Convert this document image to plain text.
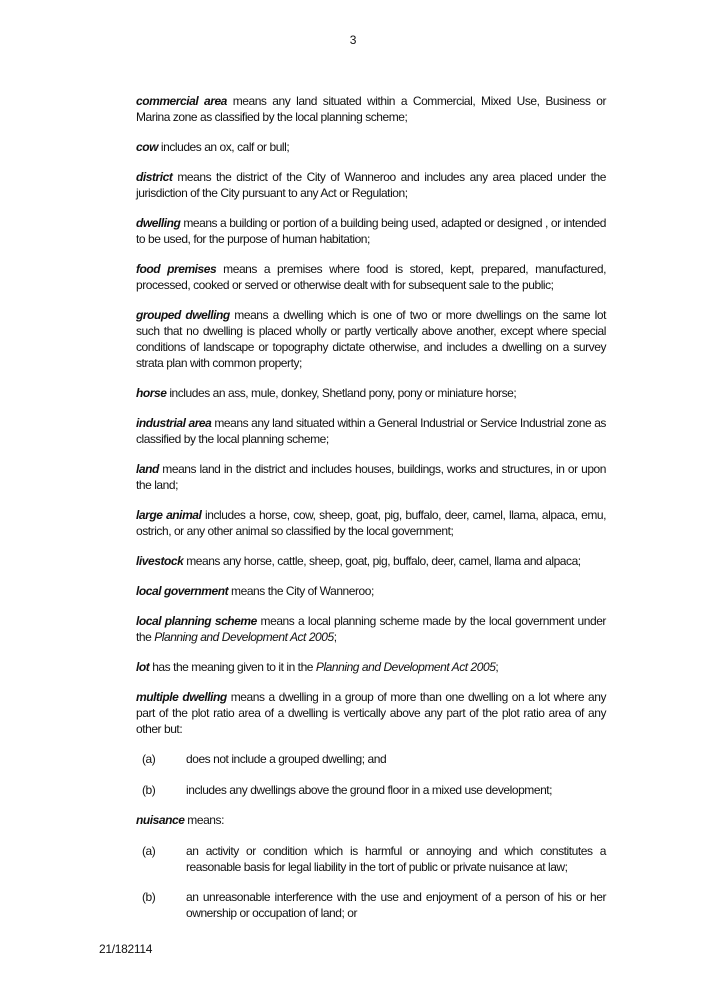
3

commercial area means any land situated within a Commercial, Mixed Use, Business or Marina zone as classified by the local planning scheme;

cow includes an ox, calf or bull;

district means the district of the City of Wanneroo and includes any area placed under the jurisdiction of the City pursuant to any Act or Regulation;

dwelling means a building or portion of a building being used, adapted or designed , or intended to be used, for the purpose of human habitation;

food premises means a premises where food is stored, kept, prepared, manufactured, processed, cooked or served or otherwise dealt with for subsequent sale to the public;

grouped dwelling means a dwelling which is one of two or more dwellings on the same lot such that no dwelling is placed wholly or partly vertically above another, except where special conditions of landscape or topography dictate otherwise, and includes a dwelling on a survey strata plan with common property;

horse includes an ass, mule, donkey, Shetland pony, pony or miniature horse;

industrial area means any land situated within a General Industrial or Service Industrial zone as classified by the local planning scheme;

land means land in the district and includes houses, buildings, works and structures, in or upon the land;

large animal includes a horse, cow, sheep, goat, pig, buffalo, deer, camel, llama, alpaca, emu, ostrich, or any other animal so classified by the local government;

livestock means any horse, cattle, sheep, goat, pig, buffalo, deer, camel, llama and alpaca;

local government means the City of Wanneroo;

local planning scheme means a local planning scheme made by the local government under the Planning and Development Act 2005;

lot has the meaning given to it in the Planning and Development Act 2005;

multiple dwelling means a dwelling in a group of more than one dwelling on a lot where any part of the plot ratio area of a dwelling is vertically above any part of the plot ratio area of any other but:

(a)	does not include a grouped dwelling; and
(b)	includes any dwellings above the ground floor in a mixed use development;

nuisance means:

(a)	an activity or condition which is harmful or annoying and which constitutes a reasonable basis for legal liability in the tort of public or private nuisance at law;
(b)	an unreasonable interference with the use and enjoyment of a person of his or her ownership or occupation of land; or
21/182114
